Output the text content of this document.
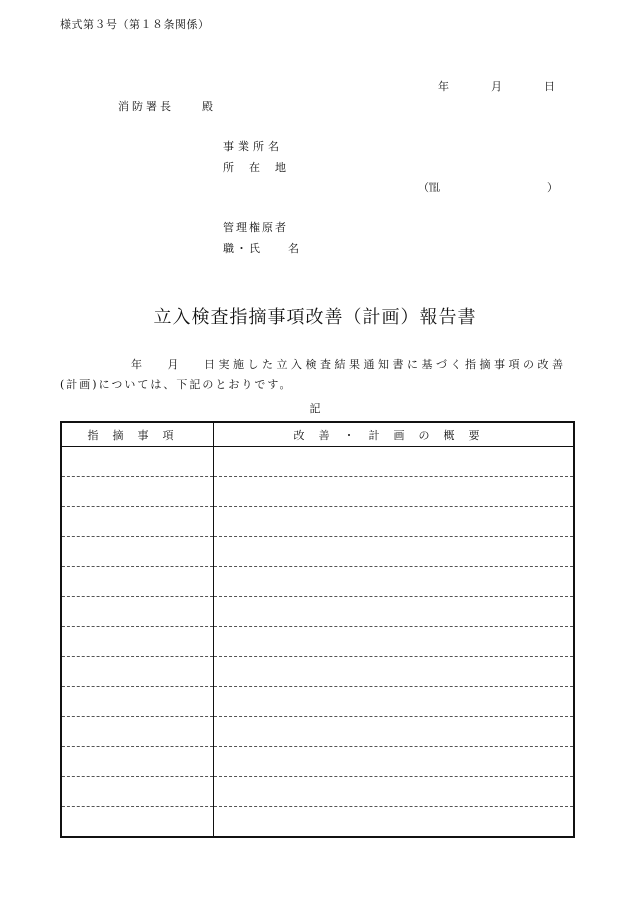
様式第３号（第１８条関係）
年	月	日
消防署長　　殿
事業所名
所在地
（℡	）
管理権原者
職・氏　　名
立入検査指摘事項改善（計画）報告書
年 月 日実施した立入検査結果通知書に基づく指摘事項の改善
(計画)については、下記のとおりです。
記
指摘事項	改善・計画の概要
